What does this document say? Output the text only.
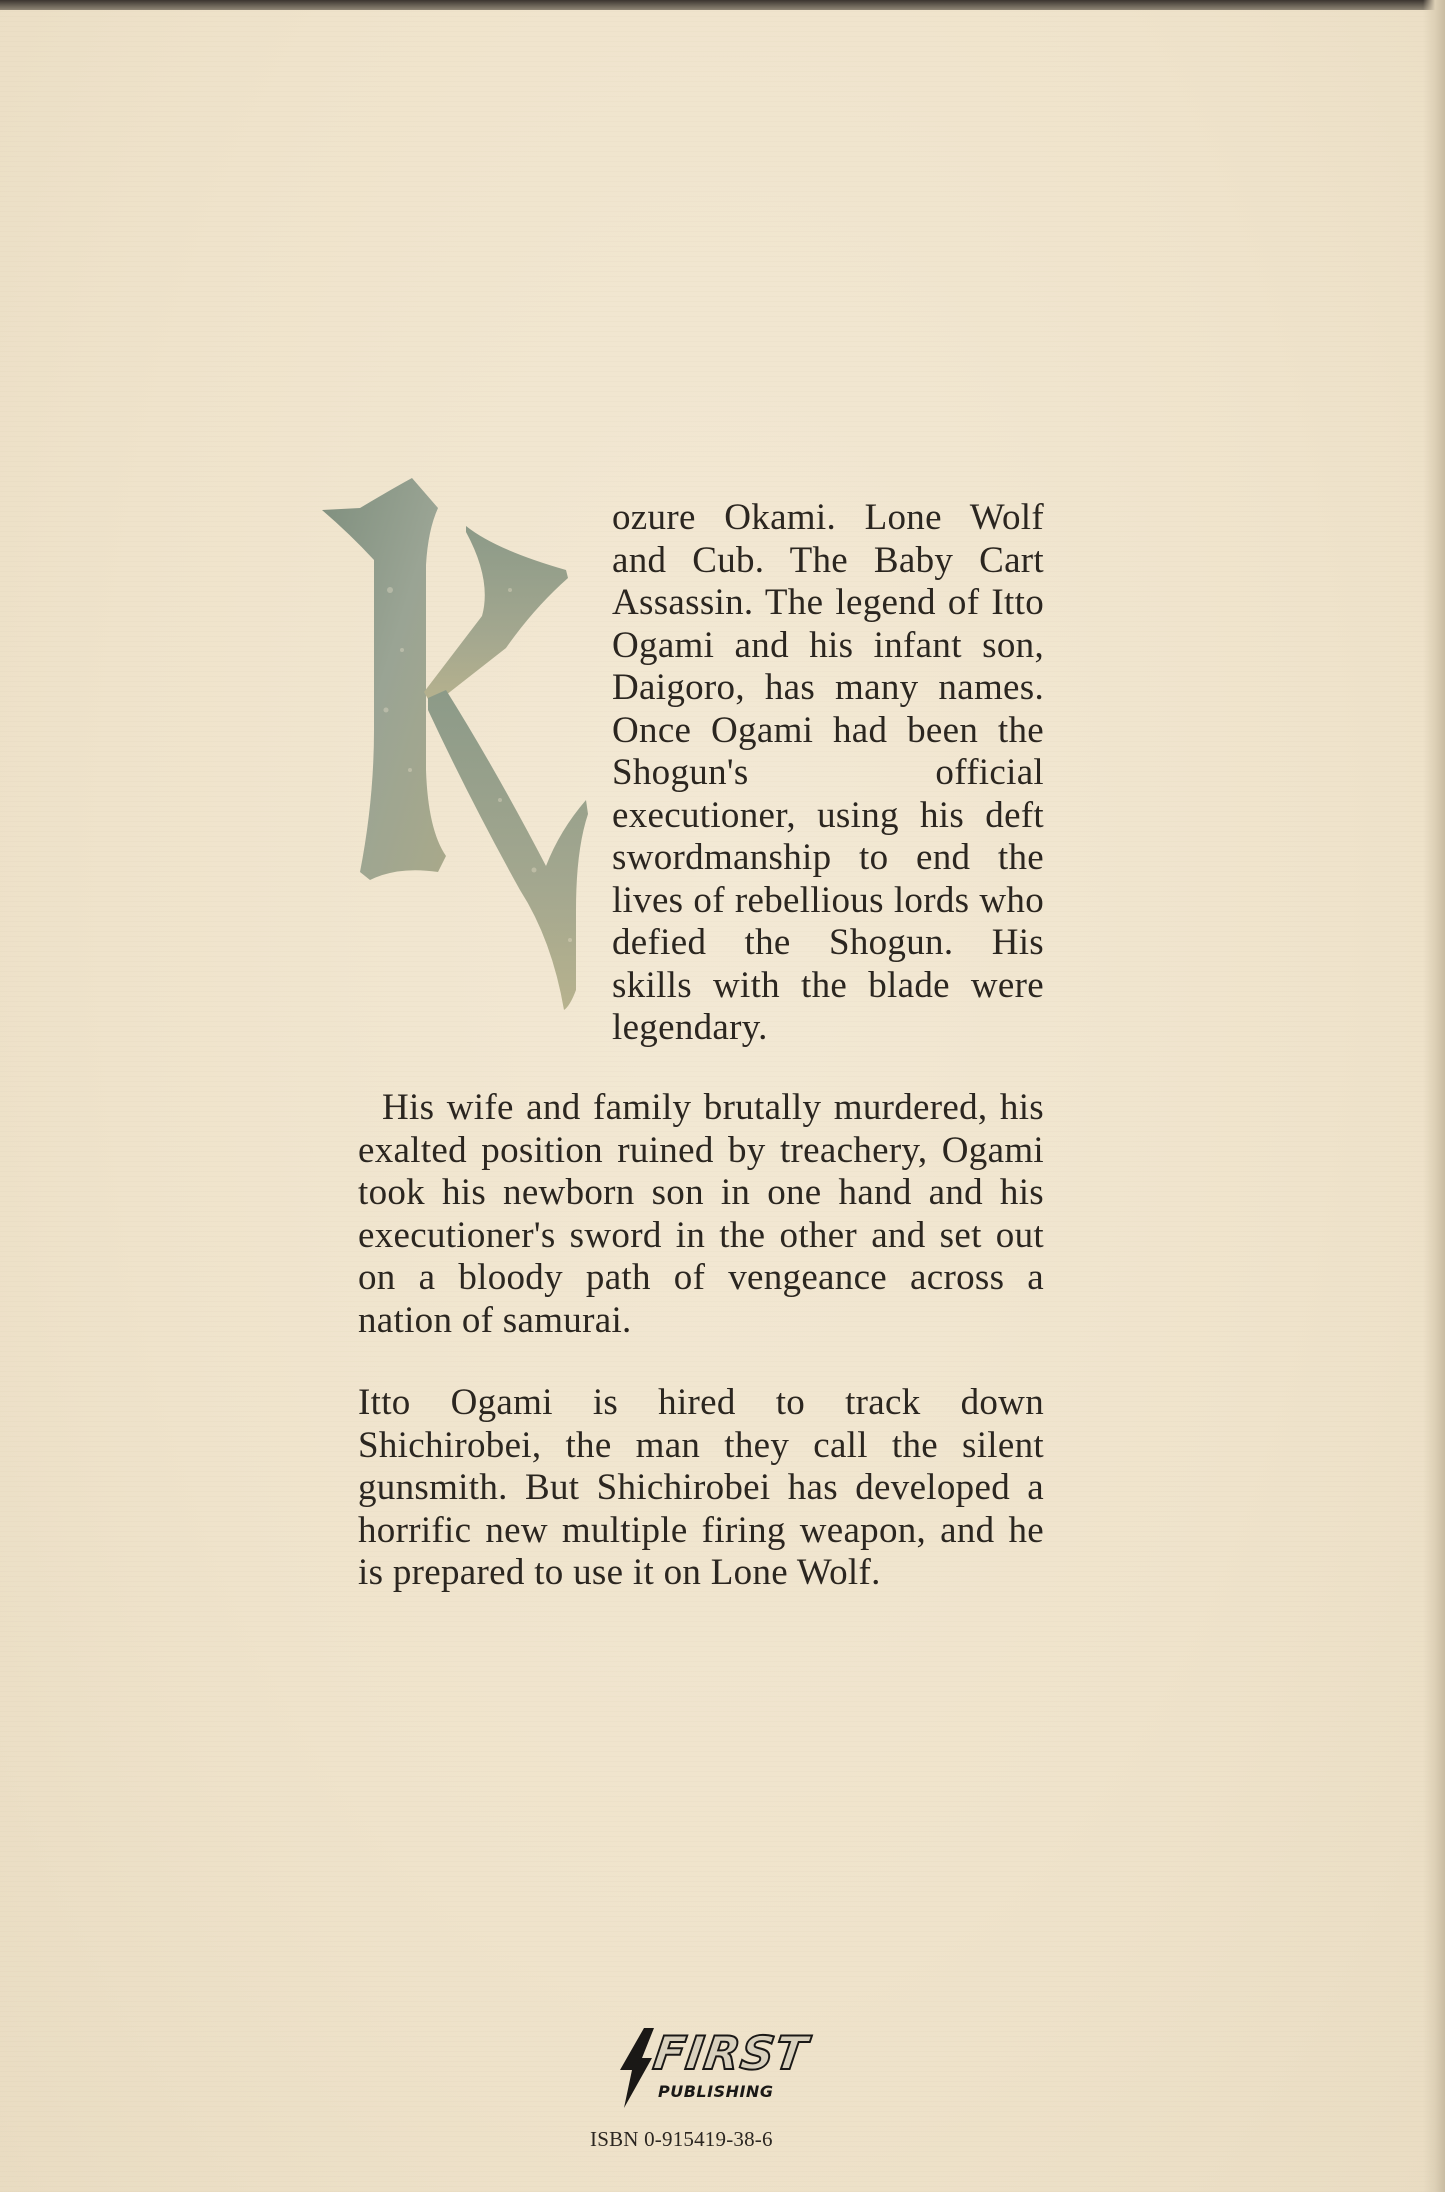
ozure Okami. Lone Wolf and Cub. The Baby Cart Assassin. The legend of Itto Ogami and his infant son, Daigoro, has many names. Once Ogami had been the Shogun's official executioner, using his deft swordmanship to end the lives of rebellious lords who defied the Shogun. His skills with the blade were legendary.

His wife and family brutally murdered, his exalted position ruined by treachery, Ogami took his newborn son in one hand and his executioner's sword in the other and set out on a bloody path of vengeance across a nation of samurai.

Itto Ogami is hired to track down Shichirobei, the man they call the silent gunsmith. But Shichirobei has developed a horrific new multiple firing weapon, and he is prepared to use it on Lone Wolf.

FIRST
PUBLISHING
ISBN 0-915419-38-6
